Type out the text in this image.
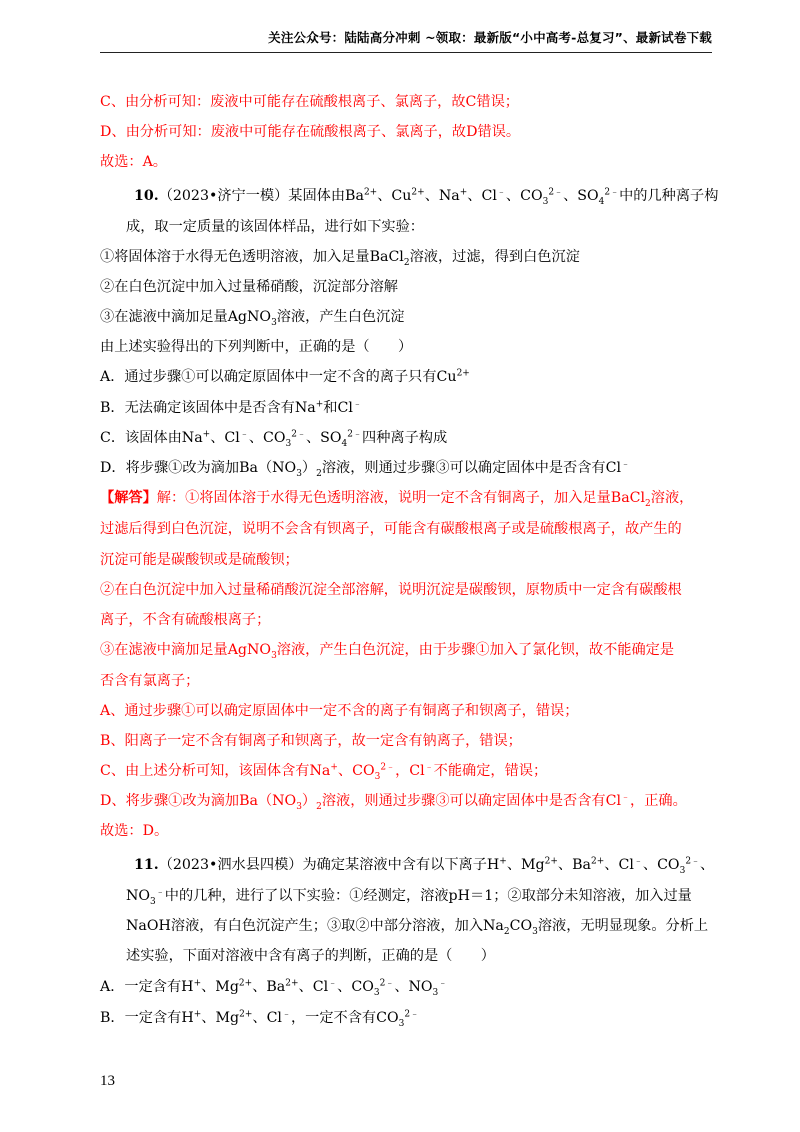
关注公众号：陆陆高分冲刺 ~领取：最新版“小中高考-总复习”、最新试卷下载
C、由分析可知：废液中可能存在硫酸根离子、氯离子，故C错误；
D、由分析可知：废液中可能存在硫酸根离子、氯离子，故D错误。
故选：A。
10.（2023•济宁一模）某固体由$Ba^{2+}$、$Cu^{2+}$、Na+、Cl﹣、$CO_3^{2﹣}$、$SO_4^{2﹣}$中的几种离子构
成，取一定质量的该固体样品，进行如下实验：
①将固体溶于水得无色透明溶液，加入足量BaCl$_2$溶液，过滤，得到白色沉淀
②在白色沉淀中加入过量稀硝酸，沉淀部分溶解
③在滤液中滴加足量AgNO$_3$溶液，产生白色沉淀
由上述实验得出的下列判断中，正确的是（　　）
A．通过步骤①可以确定原固体中一定不含的离子只有$Cu^{2+}$
B．无法确定该固体中是否含有Na+和Cl﹣
C．该固体由Na+、Cl﹣、$CO_3^{2﹣}$、$SO_4^{2﹣}$四种离子构成
D．将步骤①改为滴加$Ba(NO_3)_2$溶液，则通过步骤③可以确定固体中是否含有Cl﹣
【解答】解：①将固体溶于水得无色透明溶液，说明一定不含有铜离子，加入足量BaCl$_2$溶液，
过滤后得到白色沉淀，说明不会含有钡离子，可能含有碳酸根离子或是硫酸根离子，故产生的
沉淀可能是碳酸钡或是硫酸钡；
②在白色沉淀中加入过量稀硝酸沉淀全部溶解，说明沉淀是碳酸钡，原物质中一定含有碳酸根
离子，不含有硫酸根离子；
③在滤液中滴加足量AgNO$_3$溶液，产生白色沉淀，由于步骤①加入了氯化钡，故不能确定是
否含有氯离子；
A、通过步骤①可以确定原固体中一定不含的离子有铜离子和钡离子，错误；
B、阳离子一定不含有铜离子和钡离子，故一定含有钠离子，错误；
C、由上述分析可知，该固体含有Na+、$CO_3^{2﹣}$，Cl﹣不能确定，错误；
D、将步骤①改为滴加$Ba(NO_3)_2$溶液，则通过步骤③可以确定固体中是否含有Cl﹣，正确。
故选：D。
11.（2023•泗水县四模）为确定某溶液中含有以下离子H+、$Mg^{2+}$、$Ba^{2+}$、Cl﹣、$CO_3^{2﹣}$、
$NO_3^﹣$中的几种，进行了以下实验：①经测定，溶液pH＝1；②取部分未知溶液，加入过量
NaOH溶液，有白色沉淀产生；③取②中部分溶液，加入$Na_2CO_3$溶液，无明显现象。分析上
述实验，下面对溶液中含有离子的判断，正确的是（　　）
A．一定含有H+、$Mg^{2+}$、$Ba^{2+}$、Cl﹣、$CO_3^{2﹣}$、$NO_3^﹣$
B．一定含有H+、$Mg^{2+}$、Cl﹣，一定不含有$CO_3^{2﹣}$
13
